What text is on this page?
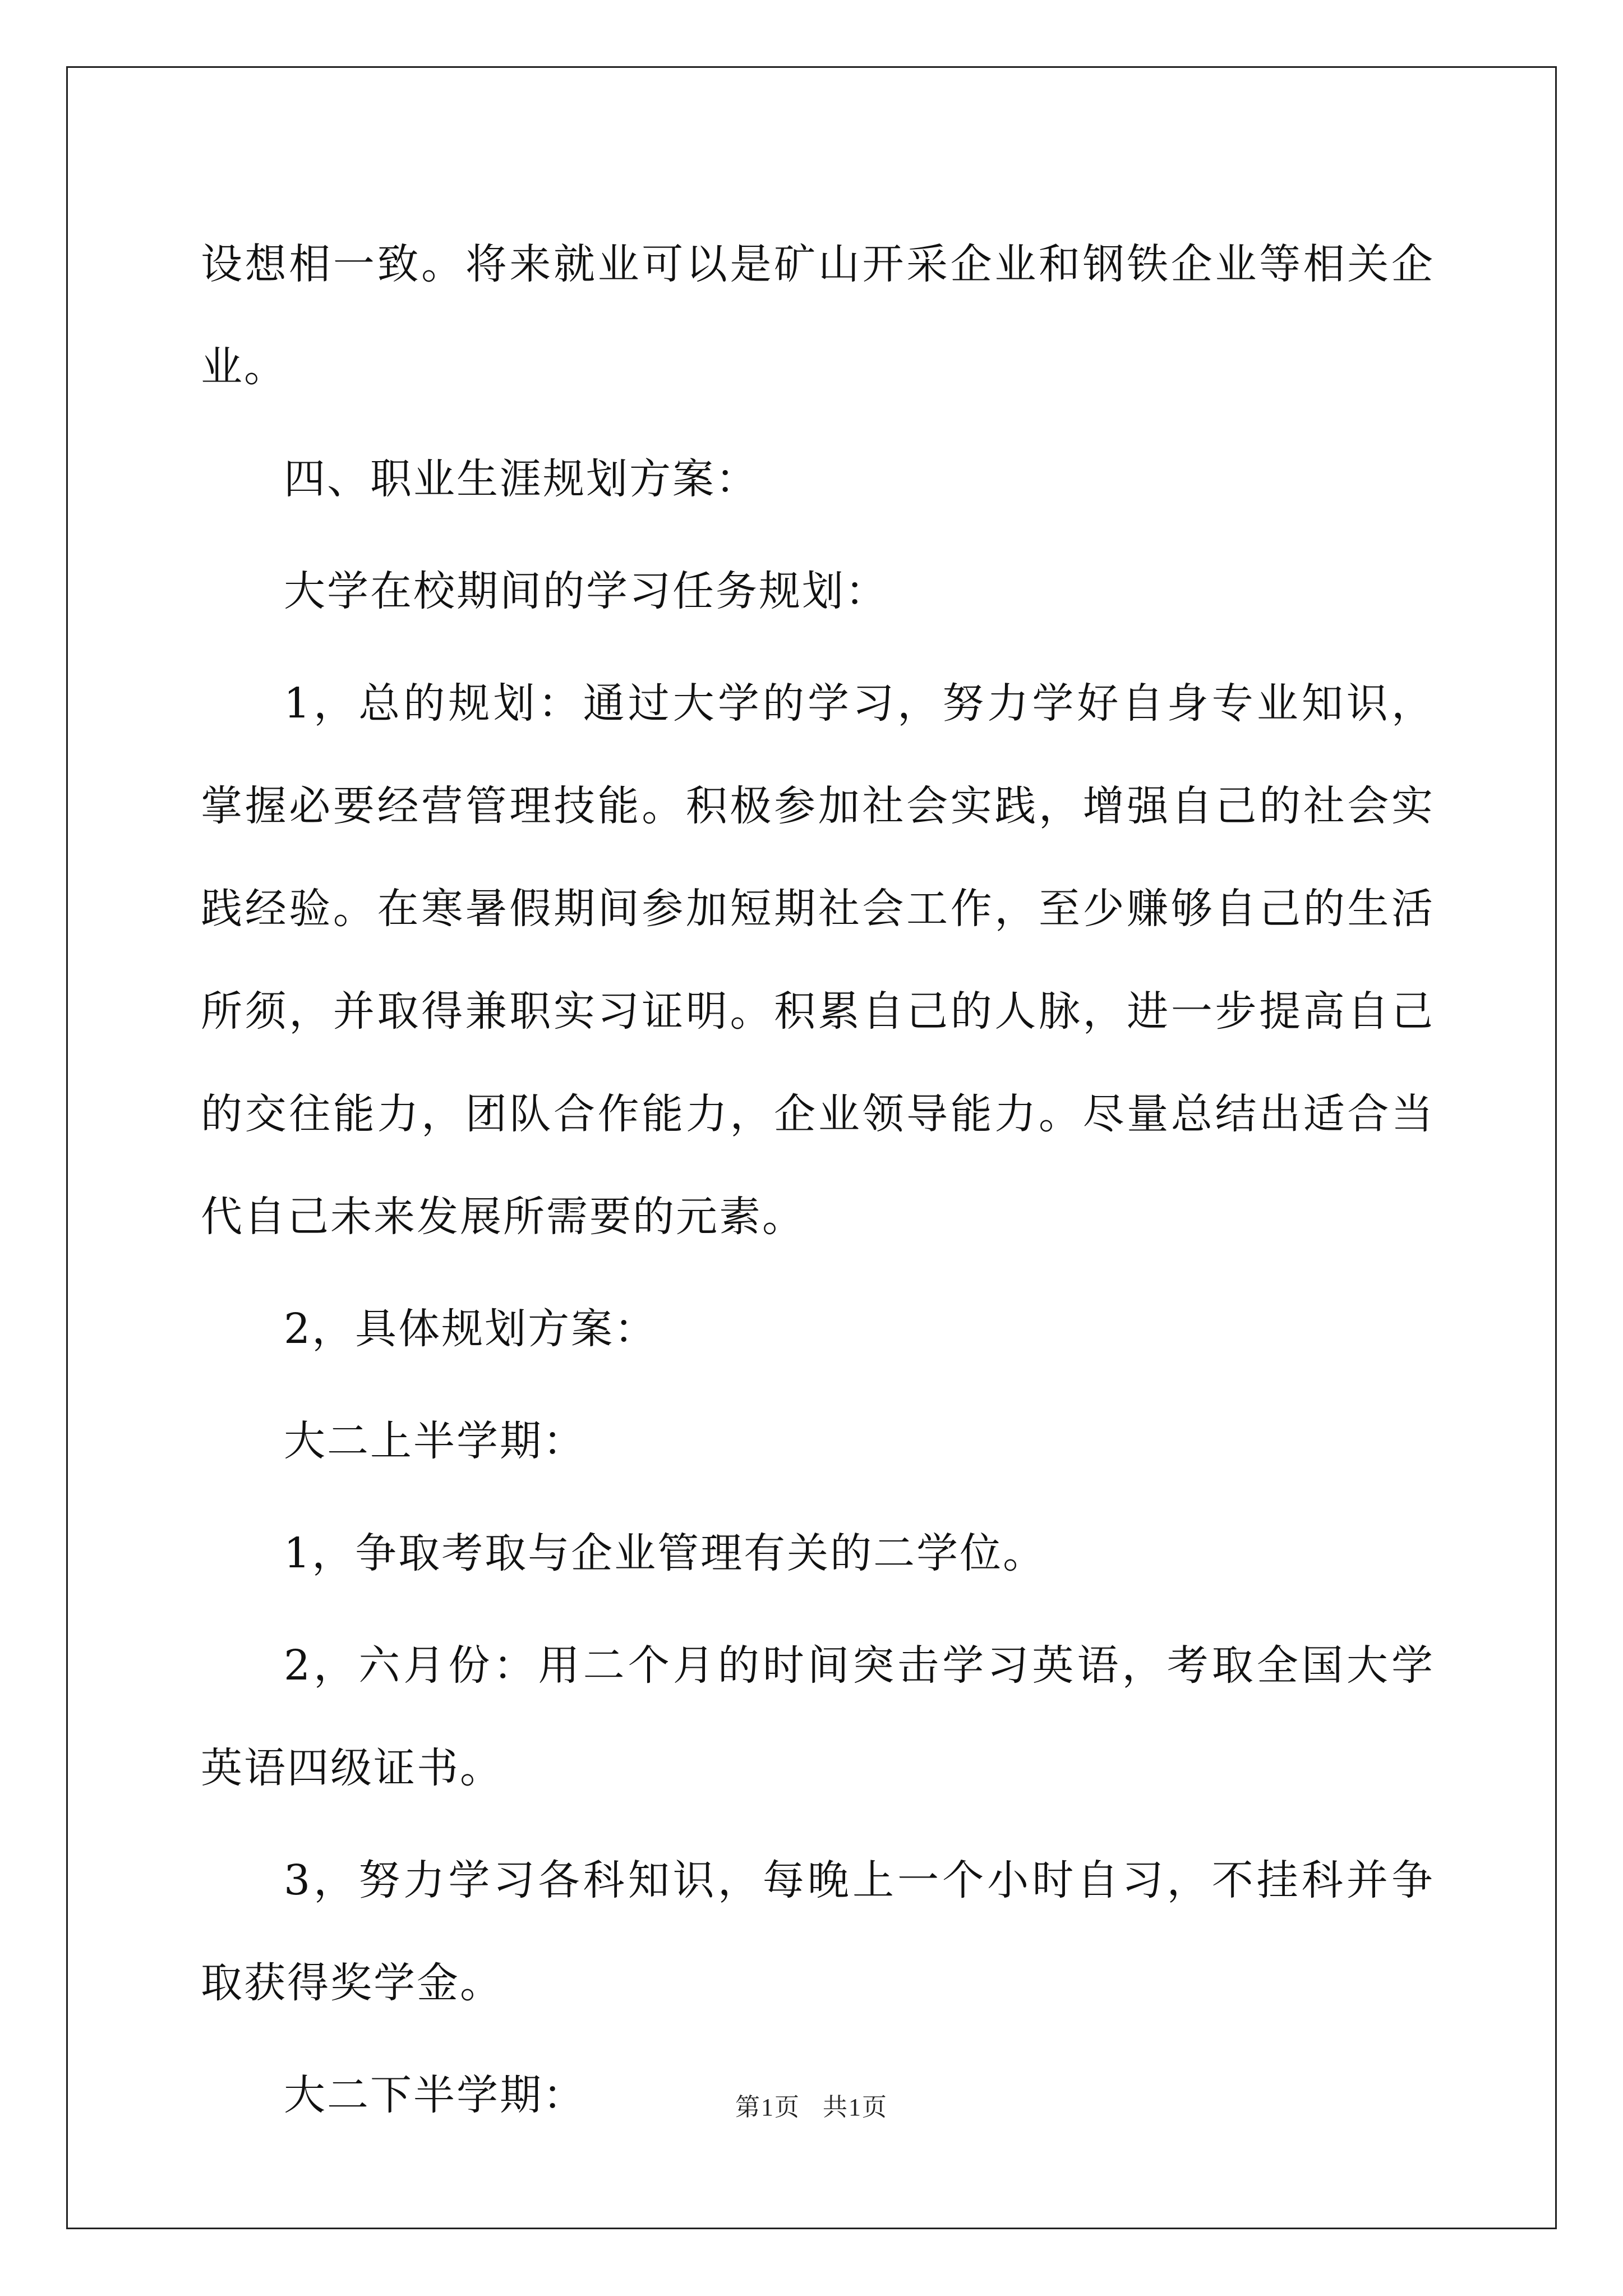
设想相一致。将来就业可以是矿山开采企业和钢铁企业等相关企业。

四、职业生涯规划方案：

大学在校期间的学习任务规划：

1，总的规划：通过大学的学习，努力学好自身专业知识，掌握必要经营管理技能。积极参加社会实践，增强自己的社会实践经验。在寒暑假期间参加短期社会工作，至少赚够自己的生活所须，并取得兼职实习证明。积累自己的人脉，进一步提高自己的交往能力，团队合作能力，企业领导能力。尽量总结出适合当代自己未来发展所需要的元素。

2，具体规划方案：

大二上半学期：

1，争取考取与企业管理有关的二学位。

2，六月份：用二个月的时间突击学习英语，考取全国大学英语四级证书。

3，努力学习各科知识，每晚上一个小时自习，不挂科并争取获得奖学金。

大二下半学期：	第1页 共1页
